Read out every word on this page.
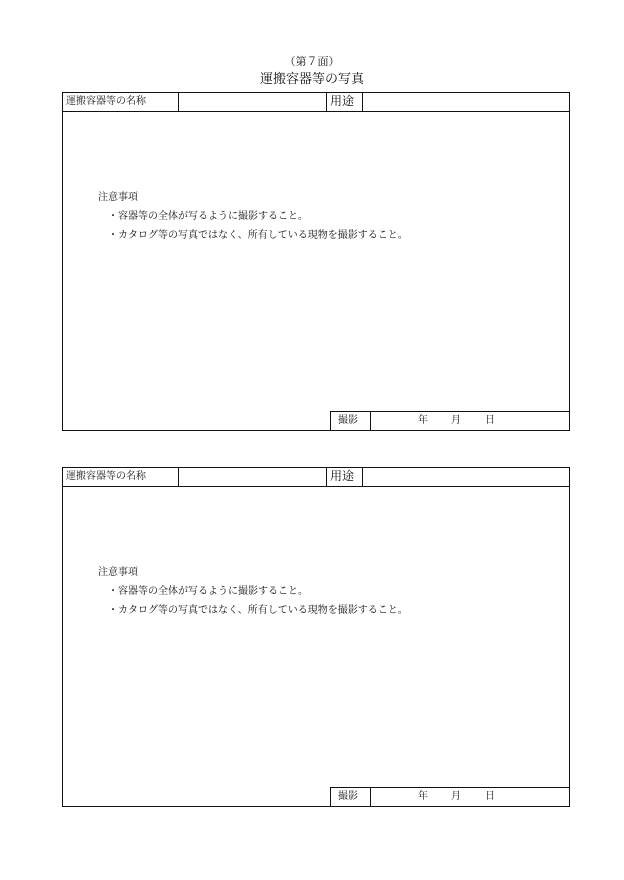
（第７面）
運搬容器等の写真
運搬容器等の名称	用途
注意事項
・容器等の全体が写るように撮影すること。
・カタログ等の写真ではなく、所有している現物を撮影すること。
撮影	年 月 日
運搬容器等の名称	用途
注意事項
・容器等の全体が写るように撮影すること。
・カタログ等の写真ではなく、所有している現物を撮影すること。
撮影	年 月 日
